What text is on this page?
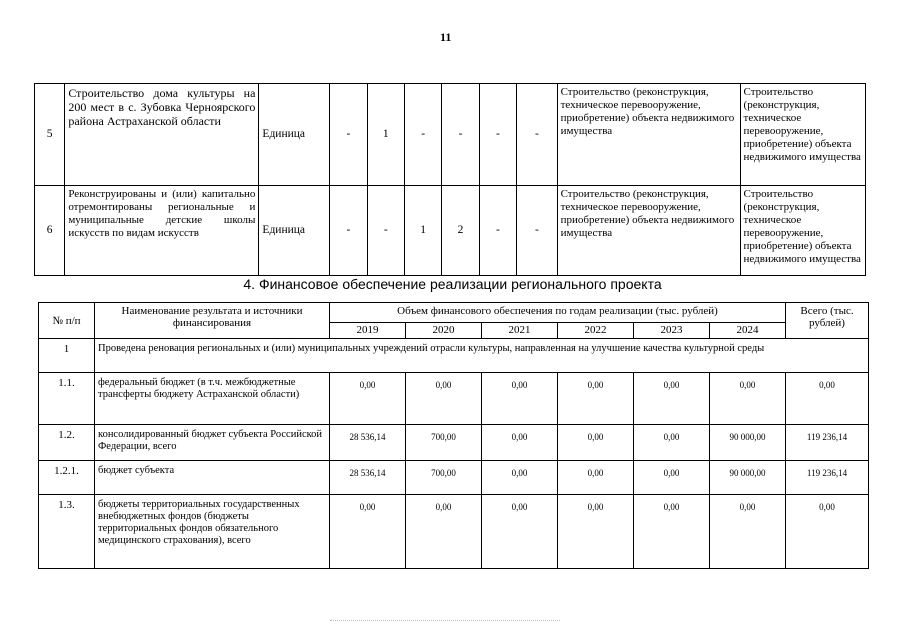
11
5	Строительство дома культуры на 200 мест в с. Зубовка Черноярского района Астраханской области	Единица	-	1	-	-	-	-	Строительство (реконструкция, техническое перевооружение, приобретение) объекта недвижимого имущества	Строительство (реконструкция, техническое перевооружение, приобретение) объекта недвижимого имущества
6	Реконструированы и (или) капитально отремонтированы региональные и муниципальные детские школы искусств по видам искусств	Единица	-	-	1	2	-	-	Строительство (реконструкция, техническое перевооружение, приобретение) объекта недвижимого имущества	Строительство (реконструкция, техническое перевооружение, приобретение) объекта недвижимого имущества
4. Финансовое обеспечение реализации регионального проекта
№ п/п	Наименование результата и источники финансирования	Объем финансового обеспечения по годам реализации (тыс. рублей)						Всего (тыс. рублей)
		2019	2020	2021	2022	2023	2024	
1	Проведена реновация региональных и (или) муниципальных учреждений отрасли культуры, направленная на улучшение качества культурной среды							
1.1.	федеральный бюджет (в т.ч. межбюджетные трансферты бюджету Астраханской области)	0,00	0,00	0,00	0,00	0,00	0,00	0,00
1.2.	консолидированный бюджет субъекта Российской Федерации, всего	28 536,14	700,00	0,00	0,00	0,00	90 000,00	119 236,14
1.2.1.	бюджет субъекта	28 536,14	700,00	0,00	0,00	0,00	90 000,00	119 236,14
1.3.	бюджеты территориальных государственных внебюджетных фондов (бюджеты территориальных фондов обязательного медицинского страхования), всего	0,00	0,00	0,00	0,00	0,00	0,00	0,00
